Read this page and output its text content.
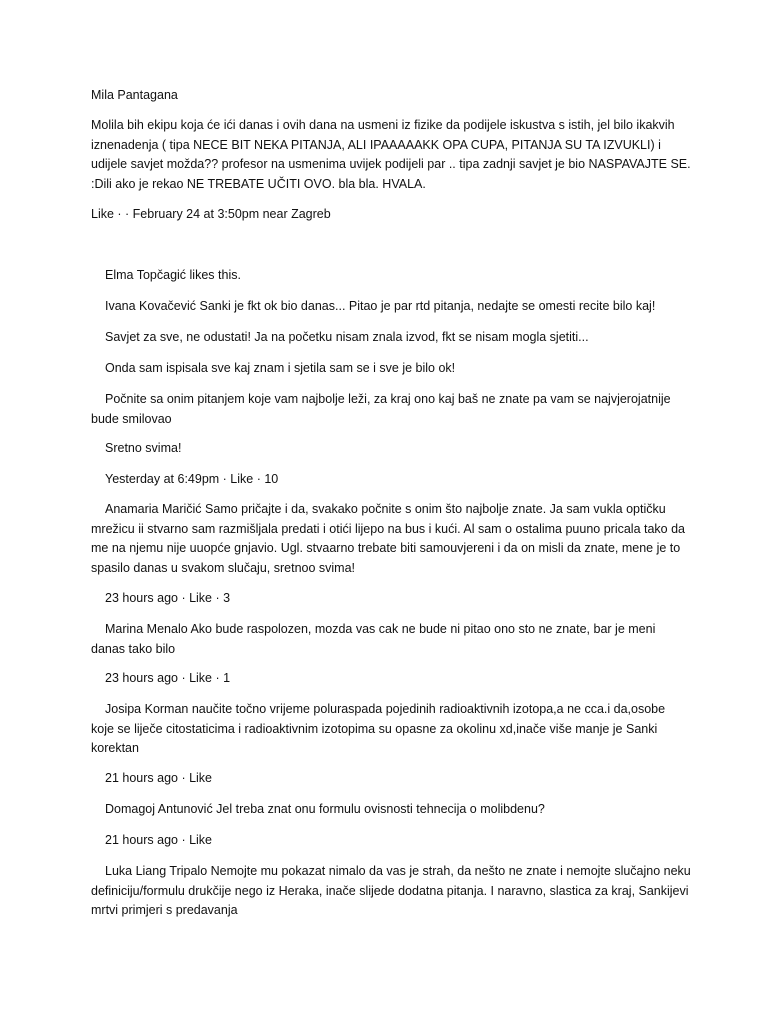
Mila Pantagana
Molila bih ekipu koja će ići danas i ovih dana na usmeni iz fizike da podijele iskustva s istih, jel bilo ikakvih iznenadenja ( tipa NECE BIT NEKA PITANJA, ALI IPAAAAAKK OPA CUPA, PITANJA SU TA IZVUKLI) i udijele savjet možda?? profesor na usmenima uvijek podijeli par .. tipa zadnji savjet je bio NASPAVAJTE SE. :Dili ako je rekao NE TREBATE UČITI OVO. bla bla. HVALA.
Like · · February 24 at 3:50pm near Zagreb
Elma Topčagić likes this.
Ivana Kovačević Sanki je fkt ok bio danas... Pitao je par rtd pitanja, nedajte se omesti recite bilo kaj!
Savjet za sve, ne odustati! Ja na početku nisam znala izvod, fkt se nisam mogla sjetiti...
Onda sam ispisala sve kaj znam i sjetila sam se i sve je bilo ok!
Počnite sa onim pitanjem koje vam najbolje leži, za kraj ono kaj baš ne znate pa vam se najvjerojatnije bude smilovao
Sretno svima!
Yesterday at 6:49pm · Like · 10
Anamaria Maričić Samo pričajte i da, svakako počnite s onim što najbolje znate. Ja sam vukla optičku mrežicu ii stvarno sam razmišljala predati i otići lijepo na bus i kući. Al sam o ostalima puuno pricala tako da me na njemu nije uuopće gnjavio. Ugl. stvaarno trebate biti samouvjereni i da on misli da znate, mene je to spasilo danas u svakom slučaju, sretnoo svima!
23 hours ago · Like · 3
Marina Menalo Ako bude raspolozen, mozda vas cak ne bude ni pitao ono sto ne znate, bar je meni danas tako bilo
23 hours ago · Like · 1
Josipa Korman naučite točno vrijeme poluraspada pojedinih radioaktivnih izotopa,a ne cca.i da,osobe koje se liječe citostaticima i radioaktivnim izotopima su opasne za okolinu xd,inače više manje je Sanki korektan
21 hours ago · Like
Domagoj Antunović Jel treba znat onu formulu ovisnosti tehnecija o molibdenu?
21 hours ago · Like
Luka Liang Tripalo Nemojte mu pokazat nimalo da vas je strah, da nešto ne znate i nemojte slučajno neku definiciju/formulu drukčije nego iz Heraka, inače slijede dodatna pitanja. I naravno, slastica za kraj, Sankijevi mrtvi primjeri s predavanja
